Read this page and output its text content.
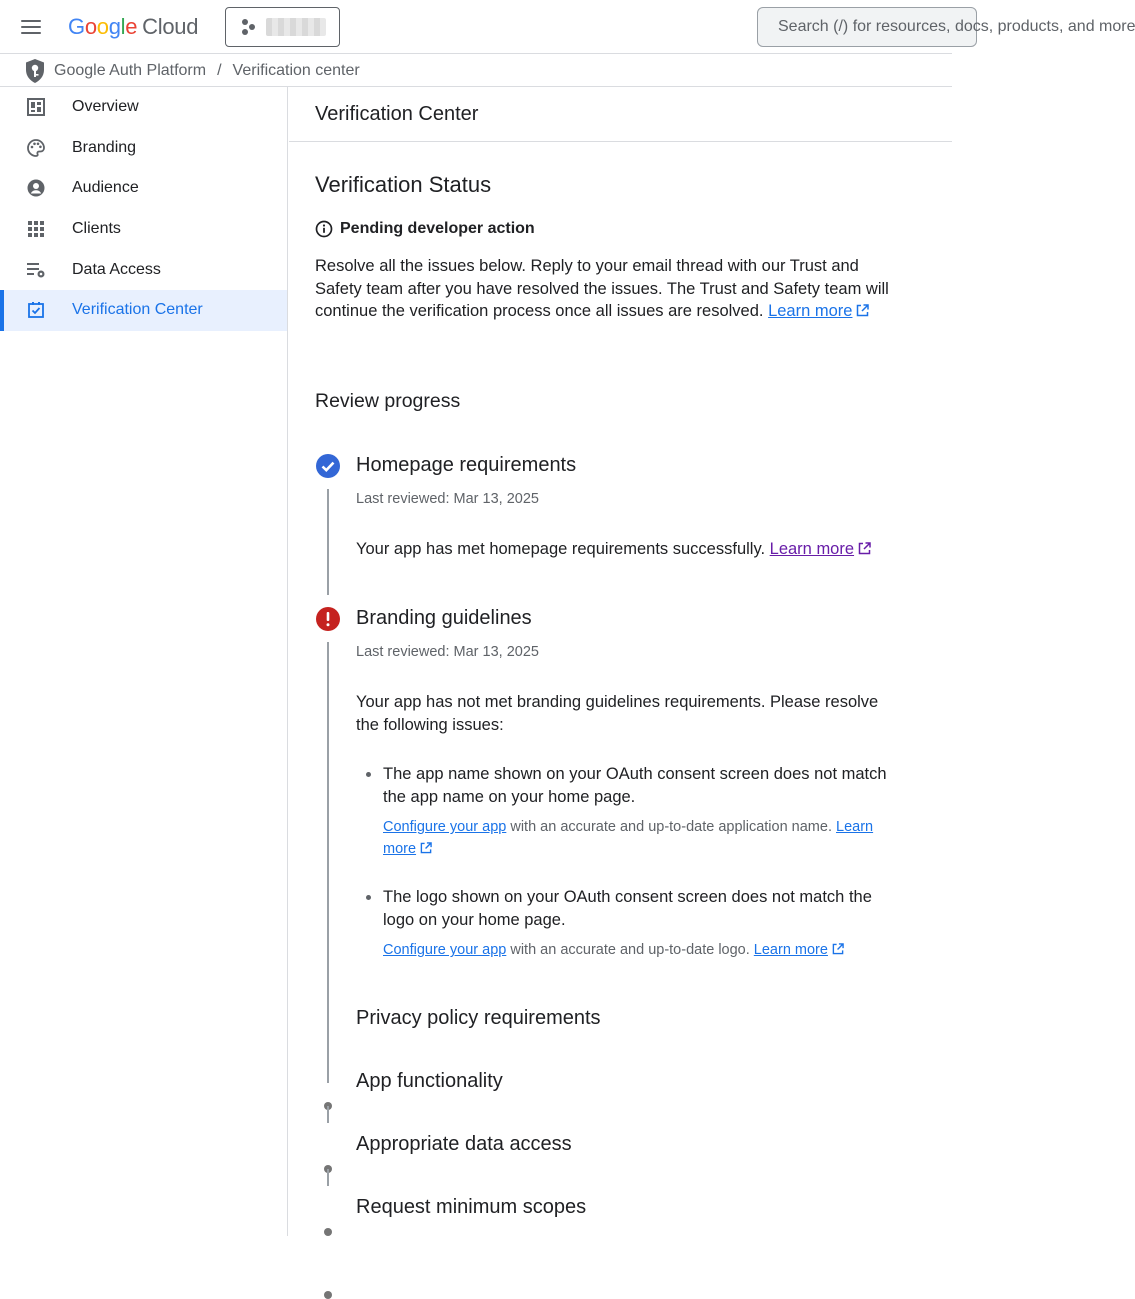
Google Cloud	Search (/) for resources, docs, products, and more
Google Auth Platform / Verification center
Overview
Branding
Audience
Clients
Data Access
Verification Center
Verification Center
Verification Status
Pending developer action
Resolve all the issues below. Reply to your email thread with our Trust and Safety team after you have resolved the issues. The Trust and Safety team will continue the verification process once all issues are resolved. Learn more
Review progress
Homepage requirements
Last reviewed: Mar 13, 2025
Your app has met homepage requirements successfully. Learn more
Branding guidelines
Last reviewed: Mar 13, 2025
Your app has not met branding guidelines requirements. Please resolve the following issues:
The app name shown on your OAuth consent screen does not match the app name on your home page.
Configure your app with an accurate and up-to-date application name. Learn more
The logo shown on your OAuth consent screen does not match the logo on your home page.
Configure your app with an accurate and up-to-date logo. Learn more
Privacy policy requirements
App functionality
Appropriate data access
Request minimum scopes
